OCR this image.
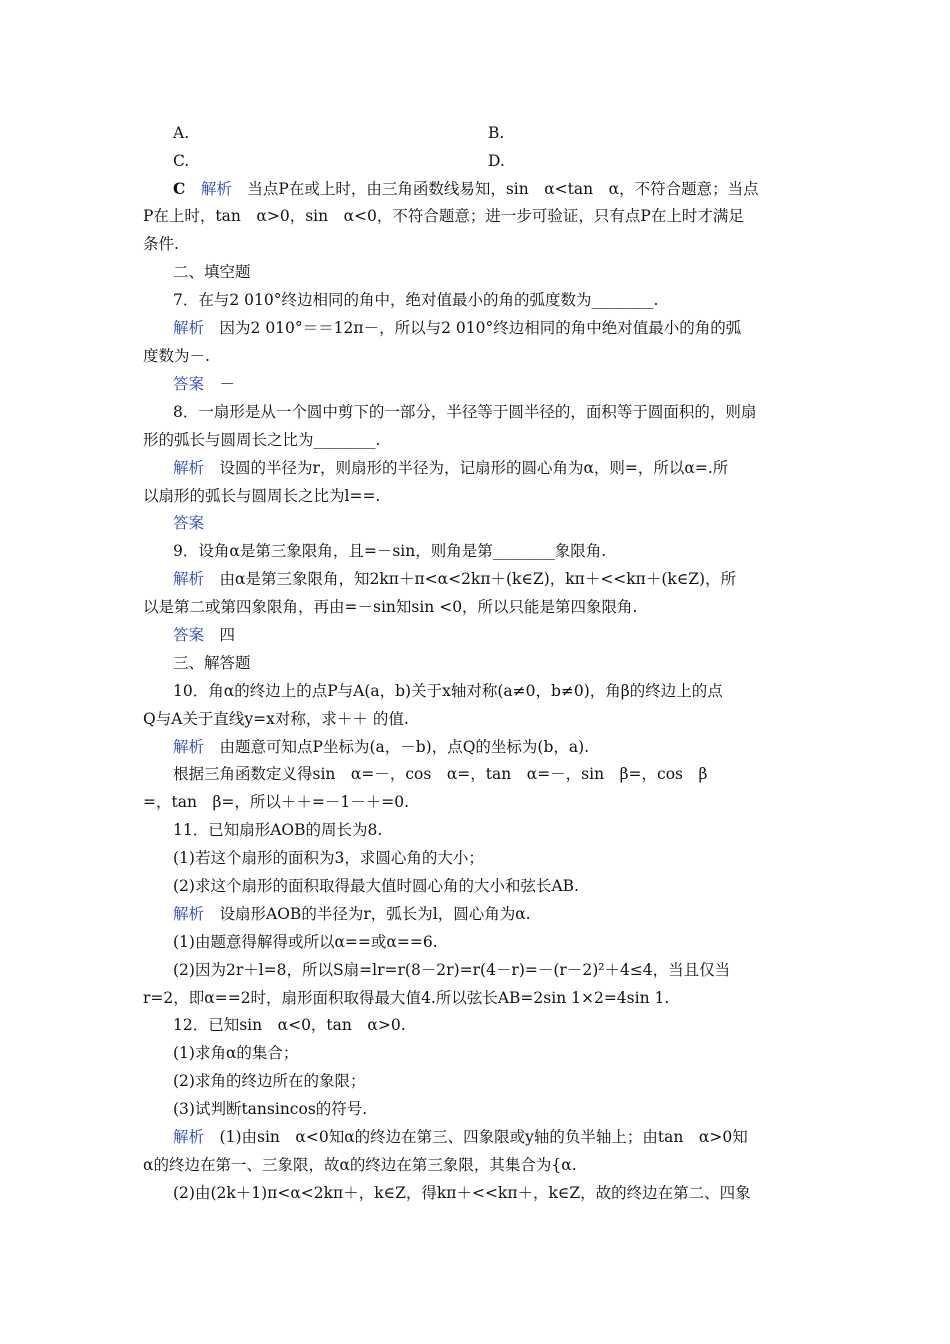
A.	B.
C.	D.
C　 解析　 当点P在或上时，由三角函数线易知，sin　α<tan　α，不符合题意；当点
P在上时，tan　α>0，sin　α<0，不符合题意；进一步可验证，只有点P在上时才满足
条件.
二、填空题
7．在与2 010°终边相同的角中，绝对值最小的角的弧度数为________.
解析　 因为2 010°＝＝12π－，所以与2 010°终边相同的角中绝对值最小的角的弧
度数为－.
答案　 －
8．一扇形是从一个圆中剪下的一部分，半径等于圆半径的，面积等于圆面积的，则扇
形的弧长与圆周长之比为________.
解析　 设圆的半径为r，则扇形的半径为，记扇形的圆心角为α，则=，所以α=.所
以扇形的弧长与圆周长之比为l==.
答案
9．设角α是第三象限角，且=－sin，则角是第________象限角.
解析　 由α是第三象限角，知2kπ＋π<α<2kπ＋(k∈Z)，kπ＋<<kπ＋(k∈Z)，所
以是第二或第四象限角，再由=－sin知sin <0，所以只能是第四象限角.
答案　 四
三、解答题
10．角α的终边上的点P与A(a，b)关于x轴对称(a≠0，b≠0)，角β的终边上的点
Q与A关于直线y=x对称，求＋＋ 的值.
解析　 由题意可知点P坐标为(a，－b)，点Q的坐标为(b，a).
根据三角函数定义得sin　α=－，cos　α=，tan　α=－，sin　β=，cos　β
=，tan　β=，所以＋＋=－1－＋=0.
11．已知扇形AOB的周长为8.
(1)若这个扇形的面积为3，求圆心角的大小；
(2)求这个扇形的面积取得最大值时圆心角的大小和弦长AB.
解析　 设扇形AOB的半径为r，弧长为l，圆心角为α.
(1)由题意得解得或所以α==或α==6.
(2)因为2r＋l=8，所以S扇=lr=r(8－2r)=r(4－r)=－(r－2)²＋4≤4，当且仅当
r=2，即α==2时，扇形面积取得最大值4.所以弦长AB=2sin 1×2=4sin 1.
12．已知sin　α<0，tan　α>0.
(1)求角α的集合；
(2)求角的终边所在的象限；
(3)试判断tansincos的符号.
解析　 (1)由sin　α<0知α的终边在第三、四象限或y轴的负半轴上；由tan　α>0知
α的终边在第一、三象限，故α的终边在第三象限，其集合为{α.
(2)由(2k＋1)π<α<2kπ＋，k∈Z，得kπ＋<<kπ＋，k∈Z，故的终边在第二、四象
